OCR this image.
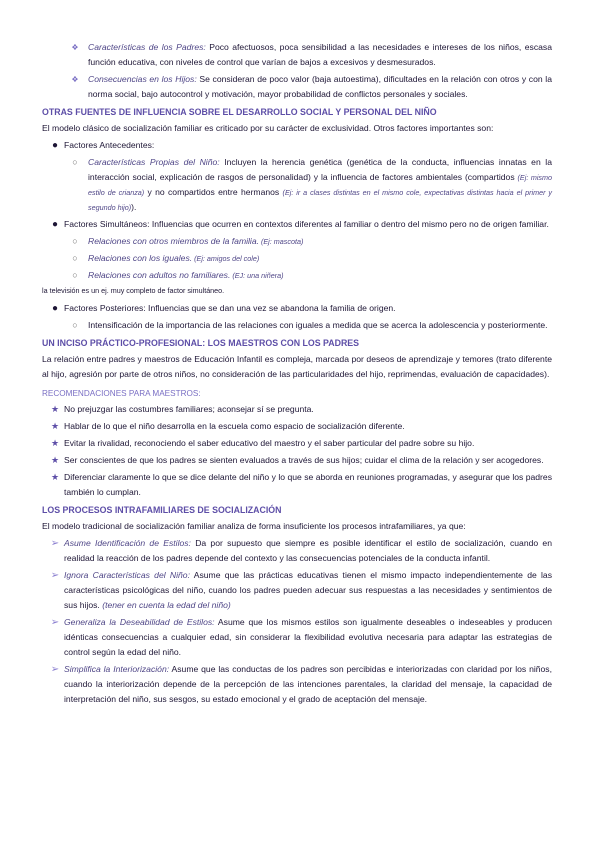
❖	Características de los Padres: Poco afectuosos, poca sensibilidad a las necesidades e intereses de los niños, escasa función educativa, con niveles de control que varían de bajos a excesivos y desmesurados.
❖	Consecuencias en los Hijos: Se consideran de poco valor (baja autoestima), dificultades en la relación con otros y con la norma social, bajo autocontrol y motivación, mayor probabilidad de conflictos personales y sociales.
OTRAS FUENTES DE INFLUENCIA SOBRE EL DESARROLLO SOCIAL Y PERSONAL DEL NIÑO
El modelo clásico de socialización familiar es criticado por su carácter de exclusividad. Otros factores importantes son:
● Factores Antecedentes:
○	Características Propias del Niño: Incluyen la herencia genética (genética de la conducta, influencias innatas en la interacción social, explicación de rasgos de personalidad) y la influencia de factores ambientales (compartidos (Ej: mismo estilo de crianza) y no compartidos entre hermanos (Ej: ir a clases distintas en el mismo cole, expectativas distintas hacia el primer y segundo hijo)).
● Factores Simultáneos: Influencias que ocurren en contextos diferentes al familiar o dentro del mismo pero no de origen familiar.
○	Relaciones con otros miembros de la familia. (Ej: mascota)
○	Relaciones con los iguales. (Ej: amigos del cole)
○	Relaciones con adultos no familiares. (EJ: una niñera)
la televisión es un ej. muy completo de factor simultáneo.
● Factores Posteriores: Influencias que se dan una vez se abandona la familia de origen.
○	Intensificación de la importancia de las relaciones con iguales a medida que se acerca la adolescencia y posteriormente.
UN INCISO PRÁCTICO-PROFESIONAL: LOS MAESTROS CON LOS PADRES
La relación entre padres y maestros de Educación Infantil es compleja, marcada por deseos de aprendizaje y temores (trato diferente al hijo, agresión por parte de otros niños, no consideración de las particularidades del hijo, reprimendas, evaluación de capacidades).
RECOMENDACIONES PARA MAESTROS:
★ No prejuzgar las costumbres familiares; aconsejar sí se pregunta.
★ Hablar de lo que el niño desarrolla en la escuela como espacio de socialización diferente.
★ Evitar la rivalidad, reconociendo el saber educativo del maestro y el saber particular del padre sobre su hijo.
★ Ser conscientes de que los padres se sienten evaluados a través de sus hijos; cuidar el clima de la relación y ser acogedores.
★ Diferenciar claramente lo que se dice delante del niño y lo que se aborda en reuniones programadas, y asegurar que los padres también lo cumplan.
LOS PROCESOS INTRAFAMILIARES DE SOCIALIZACIÓN
El modelo tradicional de socialización familiar analiza de forma insuficiente los procesos intrafamiliares, ya que:
➢ Asume Identificación de Estilos: Da por supuesto que siempre es posible identificar el estilo de socialización, cuando en realidad la reacción de los padres depende del contexto y las consecuencias potenciales de la conducta infantil.
➢ Ignora Características del Niño: Asume que las prácticas educativas tienen el mismo impacto independientemente de las características psicológicas del niño, cuando los padres pueden adecuar sus respuestas a las necesidades y sentimientos de sus hijos. (tener en cuenta la edad del niño)
➢ Generaliza la Deseabilidad de Estilos: Asume que los mismos estilos son igualmente deseables o indeseables y producen idénticas consecuencias a cualquier edad, sin considerar la flexibilidad evolutiva necesaria para adaptar las estrategias de control según la edad del niño.
➢ Simplifica la Interiorización: Asume que las conductas de los padres son percibidas e interiorizadas con claridad por los niños, cuando la interiorización depende de la percepción de las intenciones parentales, la claridad del mensaje, la capacidad de interpretación del niño, sus sesgos, su estado emocional y el grado de aceptación del mensaje.
